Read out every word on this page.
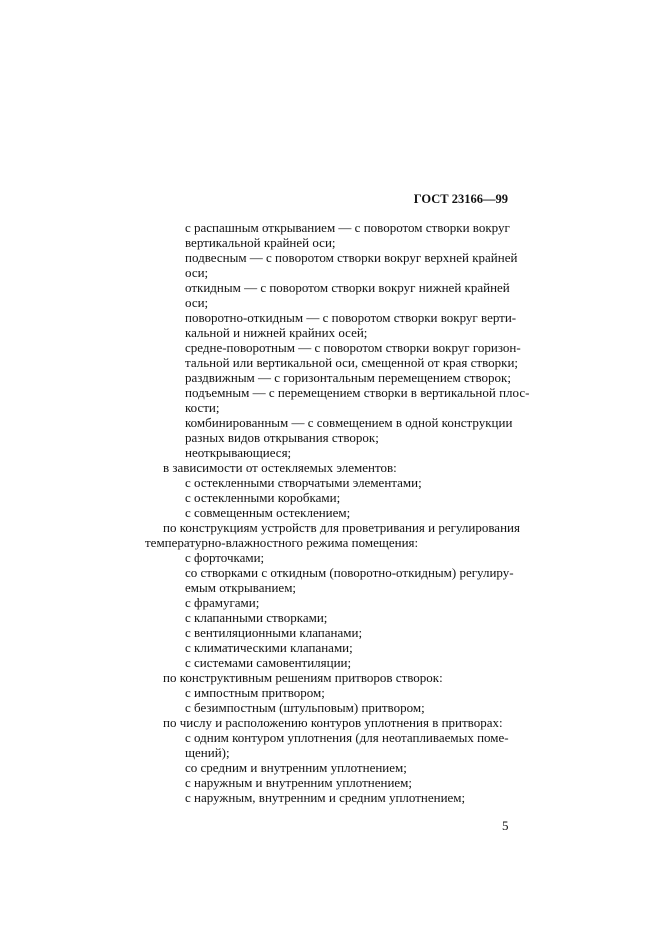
ГОСТ 23166—99
с распашным открыванием — с поворотом створки вокруг
вертикальной крайней оси;
подвесным — с поворотом створки вокруг верхней крайней
оси;
откидным — с поворотом створки вокруг нижней крайней
оси;
поворотно-откидным — с поворотом створки вокруг верти-
кальной и нижней крайних осей;
средне-поворотным — с поворотом створки вокруг горизон-
тальной или вертикальной оси, смещенной от края створки;
раздвижным — с горизонтальным перемещением створок;
подъемным — с перемещением створки в вертикальной плос-
кости;
комбинированным — с совмещением в одной конструкции
разных видов открывания створок;
неоткрывающиеся;
в зависимости от остекляемых элементов:
с остекленными створчатыми элементами;
с остекленными коробками;
с совмещенным остеклением;
по конструкциям устройств для проветривания и регулирования
температурно-влажностного режима помещения:
с форточками;
со створками с откидным (поворотно-откидным) регулиру-
емым открыванием;
с фрамугами;
с клапанными створками;
с вентиляционными клапанами;
с климатическими клапанами;
с системами самовентиляции;
по конструктивным решениям притворов створок:
с импостным притвором;
с безимпостным (штульповым) притвором;
по числу и расположению контуров уплотнения в притворах:
с одним контуром уплотнения (для неотапливаемых поме-
щений);
со средним и внутренним уплотнением;
с наружным и внутренним уплотнением;
с наружным, внутренним и средним уплотнением;
5
